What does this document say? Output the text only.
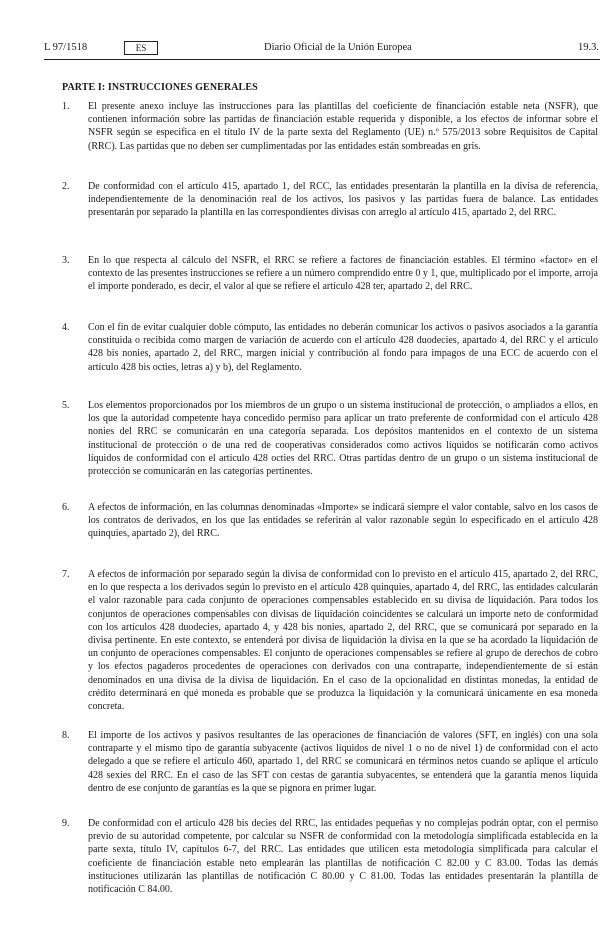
L 97/1518	ES	Diario Oficial de la Unión Europea	19.3.
PARTE I: INSTRUCCIONES GENERALES
1.	El presente anexo incluye las instrucciones para las plantillas del coeficiente de financiación estable neta (NSFR), que contienen información sobre las partidas de financiación estable requerida y disponible, a los efectos de informar sobre el NSFR según se especifica en el título IV de la parte sexta del Reglamento (UE) n.º 575/2013 sobre Requisitos de Capital (RRC). Las partidas que no deben ser cumplimentadas por las entidades están sombreadas en gris.
2.	De conformidad con el artículo 415, apartado 1, del RCC, las entidades presentarán la plantilla en la divisa de referencia, independientemente de la denominación real de los activos, los pasivos y las partidas fuera de balance. Las entidades presentarán por separado la plantilla en las correspondientes divisas con arreglo al artículo 415, apartado 2, del RRC.
3.	En lo que respecta al cálculo del NSFR, el RRC se refiere a factores de financiación estables. El término «factor» en el contexto de las presentes instrucciones se refiere a un número comprendido entre 0 y 1, que, multiplicado por el importe, arroja el importe ponderado, es decir, el valor al que se refiere el artículo 428 ter, apartado 2, del RRC.
4.	Con el fin de evitar cualquier doble cómputo, las entidades no deberán comunicar los activos o pasivos asociados a la garantía constituida o recibida como margen de variación de acuerdo con el artículo 428 duodecies, apartado 4, del RRC y el artículo 428 bis nonies, apartado 2, del RRC, margen inicial y contribución al fondo para impagos de una ECC de acuerdo con el artículo 428 bis octies, letras a) y b), del Reglamento.
5.	Los elementos proporcionados por los miembros de un grupo o un sistema institucional de protección, o ampliados a ellos, en los que la autoridad competente haya concedido permiso para aplicar un trato preferente de conformidad con el artículo 428 nonies del RRC se comunicarán en una categoría separada. Los depósitos mantenidos en el contexto de un sistema institucional de protección o de una red de cooperativas considerados como activos líquidos se notificarán como activos líquidos de conformidad con el artículo 428 octies del RRC. Otras partidas dentro de un grupo o un sistema institucional de protección se comunicarán en las categorías pertinentes.
6.	A efectos de información, en las columnas denominadas «Importe» se indicará siempre el valor contable, salvo en los casos de los contratos de derivados, en los que las entidades se referirán al valor razonable según lo especificado en el artículo 428 quinquies, apartado 2), del RRC.
7.	A efectos de información por separado según la divisa de conformidad con lo previsto en el artículo 415, apartado 2, del RRC, en lo que respecta a los derivados según lo previsto en el artículo 428 quinquies, apartado 4, del RRC, las entidades calcularán el valor razonable para cada conjunto de operaciones compensables establecido en su divisa de liquidación. Para todos los conjuntos de operaciones compensables con divisas de liquidación coincidentes se calculará un importe neto de conformidad con los artículos 428 duodecies, apartado 4, y 428 bis nonies, apartado 2, del RRC, que se comunicará por separado en la divisa pertinente. En este contexto, se entenderá por divisa de liquidación la divisa en la que se ha acordado la liquidación de un conjunto de operaciones compensables. El conjunto de operaciones compensables se refiere al grupo de derechos de cobro y los efectos pagaderos procedentes de operaciones con derivados con una contraparte, independientemente de si están denominados en una divisa de la divisa de liquidación. En el caso de la opcionalidad en distintas monedas, la entidad de crédito determinará en qué moneda es probable que se produzca la liquidación y la comunicará únicamente en esa moneda concreta.
8.	El importe de los activos y pasivos resultantes de las operaciones de financiación de valores (SFT, en inglés) con una sola contraparte y el mismo tipo de garantía subyacente (activos líquidos de nivel 1 o no de nivel 1) de conformidad con el acto delegado a que se refiere el artículo 460, apartado 1, del RRC se comunicará en términos netos cuando se aplique el artículo 428 sexies del RRC. En el caso de las SFT con cestas de garantía subyacentes, se entenderá que la garantía menos líquida dentro de ese conjunto de garantías es la que se pignora en primer lugar.
9.	De conformidad con el artículo 428 bis decies del RRC, las entidades pequeñas y no complejas podrán optar, con el permiso previo de su autoridad competente, por calcular su NSFR de conformidad con la metodología simplificada establecida en la parte sexta, título IV, capítulos 6-7, del RRC. Las entidades que utilicen esta metodología simplificada para calcular el coeficiente de financiación estable neto emplearán las plantillas de notificación C 82.00 y C 83.00. Todas las demás instituciones utilizarán las plantillas de notificación C 80.00 y C 81.00. Todas las entidades presentarán la plantilla de notificación C 84.00.
